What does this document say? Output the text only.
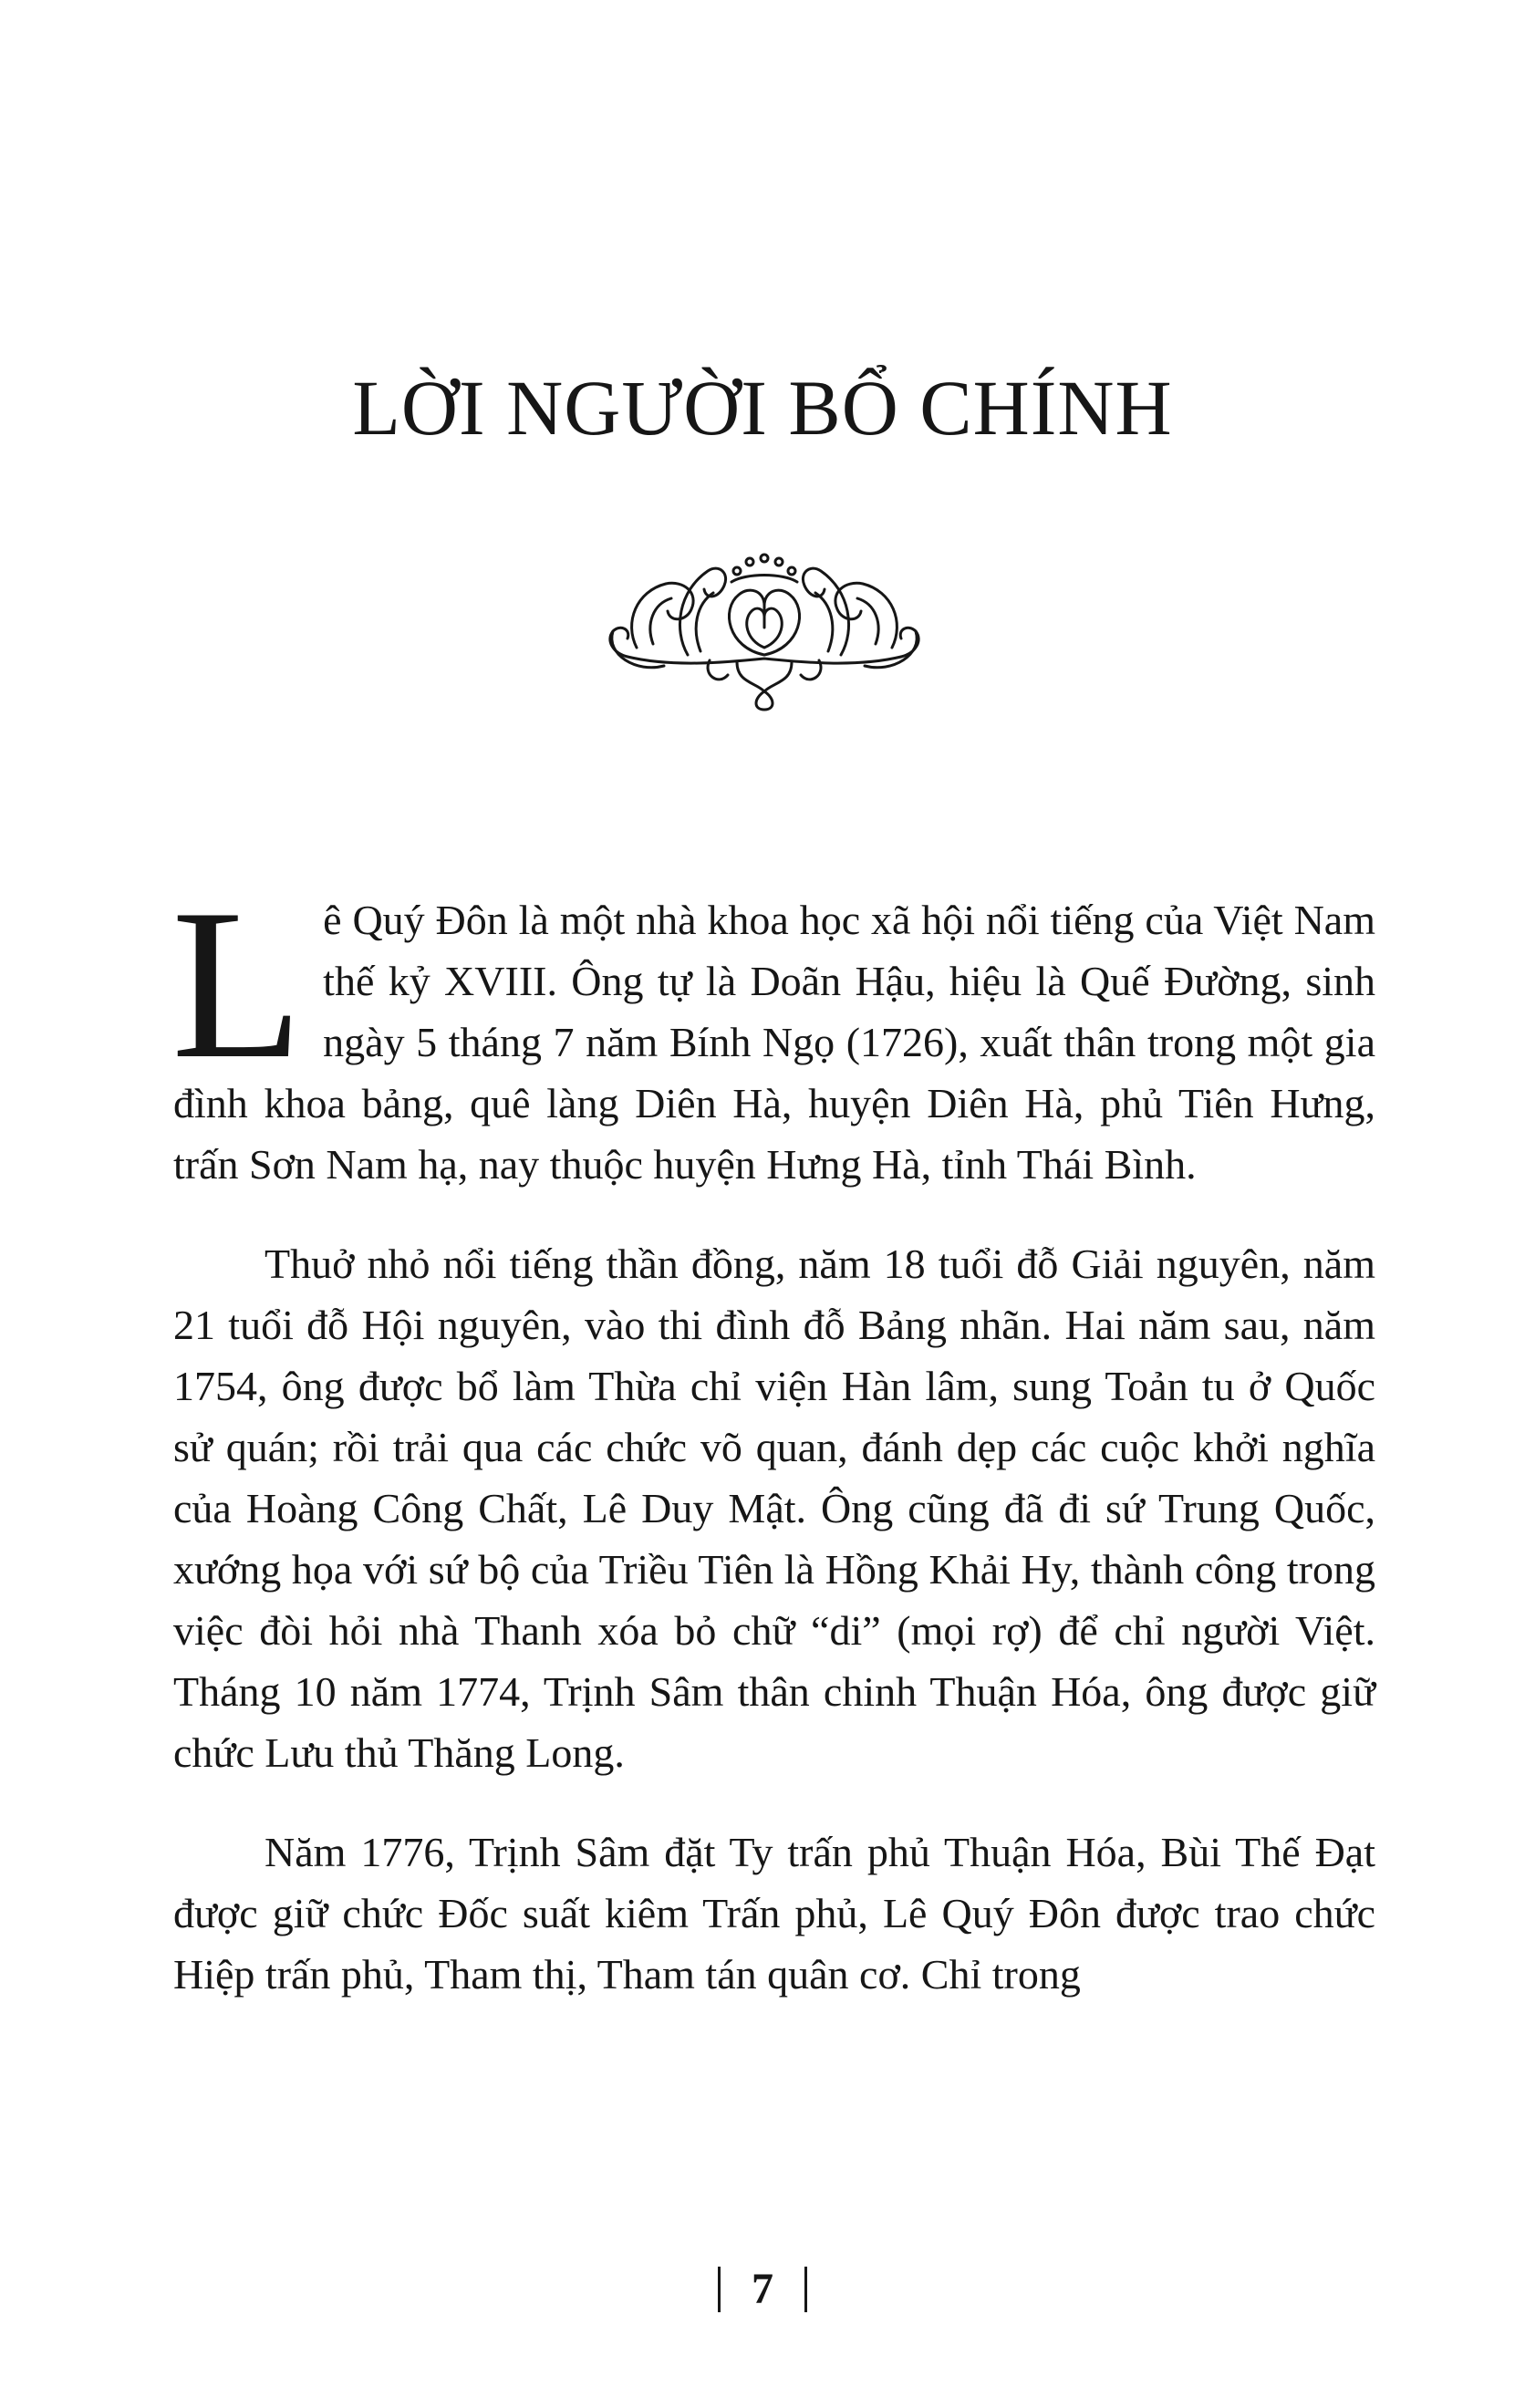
LỜI NGƯỜI BỔ CHÍNH

Lê Quý Đôn là một nhà khoa học xã hội nổi tiếng của Việt Nam thế kỷ XVIII. Ông tự là Doãn Hậu, hiệu là Quế Đường, sinh ngày 5 tháng 7 năm Bính Ngọ (1726), xuất thân trong một gia đình khoa bảng, quê làng Diên Hà, huyện Diên Hà, phủ Tiên Hưng, trấn Sơn Nam hạ, nay thuộc huyện Hưng Hà, tỉnh Thái Bình.

Thuở nhỏ nổi tiếng thần đồng, năm 18 tuổi đỗ Giải nguyên, năm 21 tuổi đỗ Hội nguyên, vào thi đình đỗ Bảng nhãn. Hai năm sau, năm 1754, ông được bổ làm Thừa chỉ viện Hàn lâm, sung Toản tu ở Quốc sử quán; rồi trải qua các chức võ quan, đánh dẹp các cuộc khởi nghĩa của Hoàng Công Chất, Lê Duy Mật. Ông cũng đã đi sứ Trung Quốc, xướng họa với sứ bộ của Triều Tiên là Hồng Khải Hy, thành công trong việc đòi hỏi nhà Thanh xóa bỏ chữ “di” (mọi rợ) để chỉ người Việt. Tháng 10 năm 1774, Trịnh Sâm thân chinh Thuận Hóa, ông được giữ chức Lưu thủ Thăng Long.

Năm 1776, Trịnh Sâm đặt Ty trấn phủ Thuận Hóa, Bùi Thế Đạt được giữ chức Đốc suất kiêm Trấn phủ, Lê Quý Đôn được trao chức Hiệp trấn phủ, Tham thị, Tham tán quân cơ. Chỉ trong

7
